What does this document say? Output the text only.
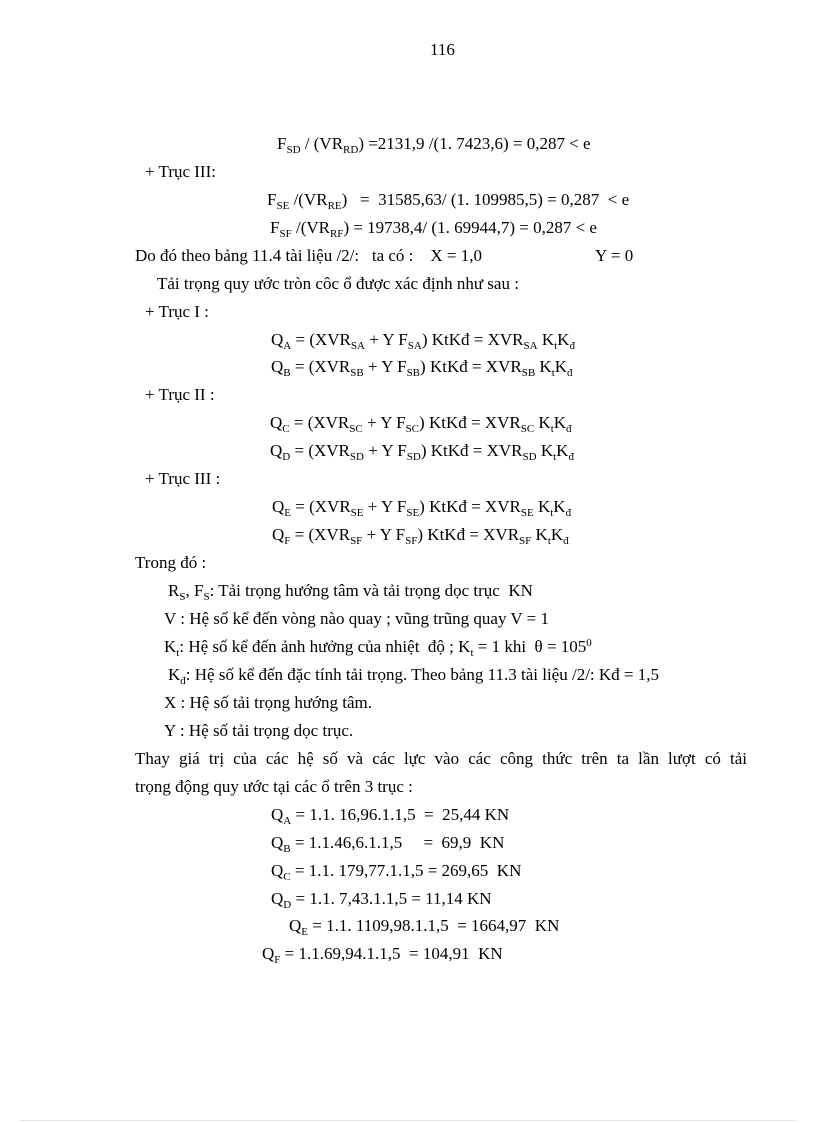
116
$F_{SD} / (VR_{RD}) =2131,9$ /(1. 7423,6) = 0,287 < e
+ Trục III:
$F_{SE}$ $/(VR_{RE}) = 31585,63/$ (1. 109985,5) = 0,287  < e
$F_{SF}$ $/(VR_{RF}) = 19738,4/$ (1. 69944,7) = 0,287 < e
Do đó theo bảng 11.4 tài liệu /2/:   ta có :    X = 1,0	Y = 0
Tải trọng quy ước tròn côc ổ được xác định như sau :
+ Trục I :
$Q_A = (XVR_{SA} + Y$ $F_{SA}$) KtKđ = $XVR_{SA}$ $K_tK_đ$
$Q_B = (XVR_{SB} + Y$ $F_{SB}$) KtKđ = $XVR_{SB}$ $K_tK_đ$
+ Trục II :
$Q_C = (XVR_{SC} + Y$ $F_{SC}$) KtKđ = $XVR_{SC}$ $K_tK_đ$
$Q_D = (XVR_{SD} + Y$ $F_{SD}$) KtKđ = $XVR_{SD}$ $K_tK_đ$
+ Trục III :
$Q_E = (XVR_{SE} + Y$ $F_{SE}$) KtKđ = $XVR_{SE}$ $K_tK_đ$
$Q_F = (XVR_{SF} + Y$ $F_{SF}$) KtKđ = $XVR_{SF}$ $K_tK_đ$
Trong đó :
$R_S$, $F_S$: Tải trọng hướng tâm và tải trọng dọc trục  KN
V : Hệ số kể đến vòng nào quay ; vũng trũng quay V = 1
$K_t$: Hệ số kể đến ảnh hưởng của nhiệt  độ ; $K_t = 1$ khi  $\theta = 105^0$
$K_đ$: Hệ số kể đến đặc tính tải trọng. Theo bảng 11.3 tài liệu /2/: Kđ = 1,5
X : Hệ số tải trọng hướng tâm.
Y : Hệ số tải trọng dọc trục.
Thay giá trị của các hệ số và các lực vào các công thức trên ta lần lượt có tải
trọng động quy ước tại các ổ trên 3 trục :
$Q_A = 1.1$. 16,96.1.1,5  =  25,44 KN
$Q_B = 1.1.46,6.1.1,5$     =  69,9  KN
$Q_C = 1.1$. 179,77.1.1,5 = 269,65  KN
$Q_D = 1.1$. 7,43.1.1,5 = 11,14 KN
$Q_E = 1.1$. 1109,98.1.1,5  = 1664,97  KN
$Q_F = 1.1.69,94.1.1,5 = 104,91$  KN
